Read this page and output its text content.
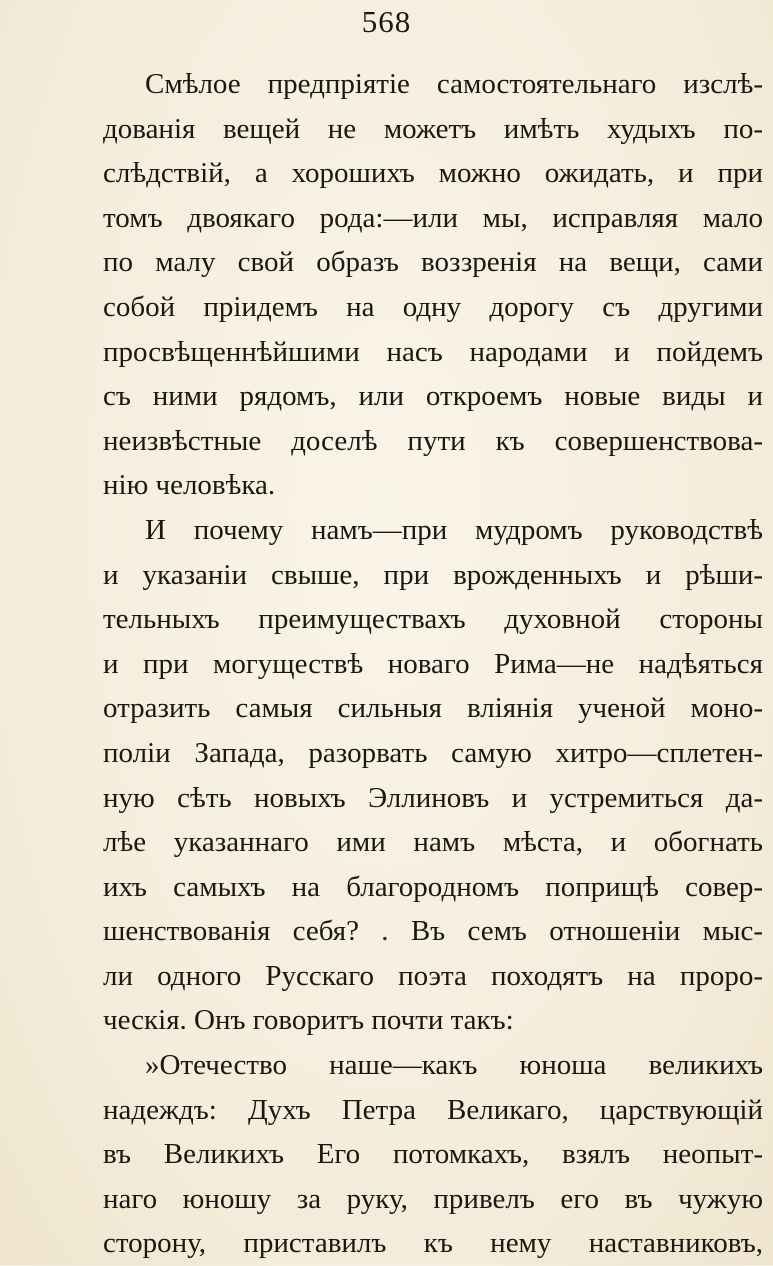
568
Смѣлое предпріятіе самостоятельнаго изслѣ-
дованія вещей не можетъ имѣть худыхъ по-
слѣдствій, а хорошихъ можно ожидать, и при
томъ двоякаго рода:—или мы, исправляя мало
по малу свой образъ воззренія на вещи, сами
собой пріидемъ на одну дорогу съ другими
просвѣщеннѣйшими насъ народами и пойдемъ
съ ними рядомъ, или откроемъ новые виды и
неизвѣстные доселѣ пути къ совершенствова-
нію человѣка.
И почему намъ—при мудромъ руководствѣ
и указаніи свыше, при врожденныхъ и рѣши-
тельныхъ преимуществахъ духовной стороны
и при могуществѣ новаго Рима—не надѣяться
отразить самыя сильныя вліянія ученой моно-
поліи Запада, разорвать самую хитро—сплетен-
ную сѣть новыхъ Эллиновъ и устремиться да-
лѣе указаннаго ими намъ мѣста, и обогнать
ихъ самыхъ на благородномъ поприщѣ совер-
шенствованія себя? . Въ семъ отношеніи мыс-
ли одного Русскаго поэта походятъ на проро-
ческія. Онъ говоритъ почти такъ:
»Отечество наше—какъ юноша великихъ
надеждъ: Духъ Петра Великаго, царствующій
въ Великихъ Его потомкахъ, взялъ неопыт-
наго юношу за руку, привелъ его въ чужую
сторону, приставилъ къ нему наставниковъ,
